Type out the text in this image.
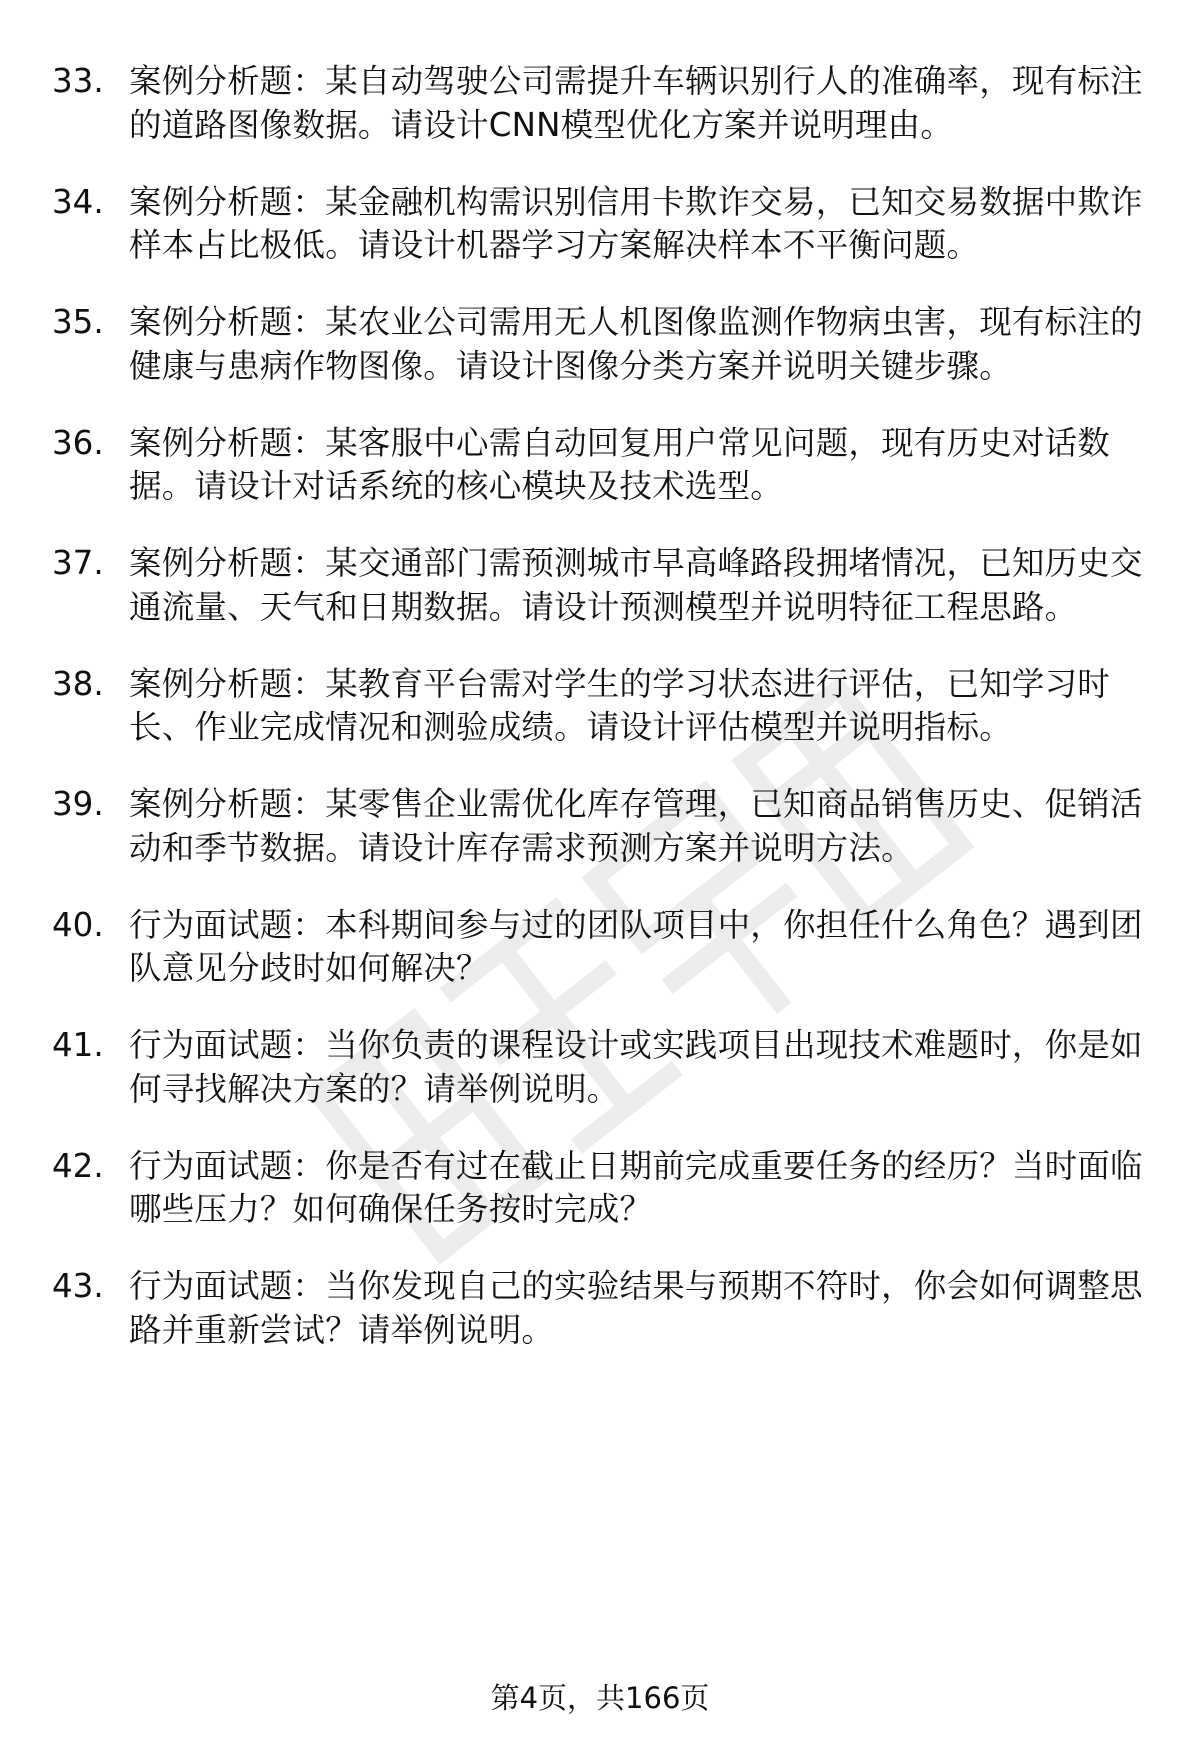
33. 案例分析题：某自动驾驶公司需提升车辆识别行人的准确率，现有标注的道路图像数据。请设计CNN模型优化方案并说明理由。
34. 案例分析题：某金融机构需识别信用卡欺诈交易，已知交易数据中欺诈样本占比极低。请设计机器学习方案解决样本不平衡问题。
35. 案例分析题：某农业公司需用无人机图像监测作物病虫害，现有标注的健康与患病作物图像。请设计图像分类方案并说明关键步骤。
36. 案例分析题：某客服中心需自动回复用户常见问题，现有历史对话数据。请设计对话系统的核心模块及技术选型。
37. 案例分析题：某交通部门需预测城市早高峰路段拥堵情况，已知历史交通流量、天气和日期数据。请设计预测模型并说明特征工程思路。
38. 案例分析题：某教育平台需对学生的学习状态进行评估，已知学习时长、作业完成情况和测验成绩。请设计评估模型并说明指标。
39. 案例分析题：某零售企业需优化库存管理，已知商品销售历史、促销活动和季节数据。请设计库存需求预测方案并说明方法。
40. 行为面试题：本科期间参与过的团队项目中，你担任什么角色？遇到团队意见分歧时如何解决？
41. 行为面试题：当你负责的课程设计或实践项目出现技术难题时，你是如何寻找解决方案的？请举例说明。
42. 行为面试题：你是否有过在截止日期前完成重要任务的经历？当时面临哪些压力？如何确保任务按时完成？
43. 行为面试题：当你发现自己的实验结果与预期不符时，你会如何调整思路并重新尝试？请举例说明。
第4页，共166页
